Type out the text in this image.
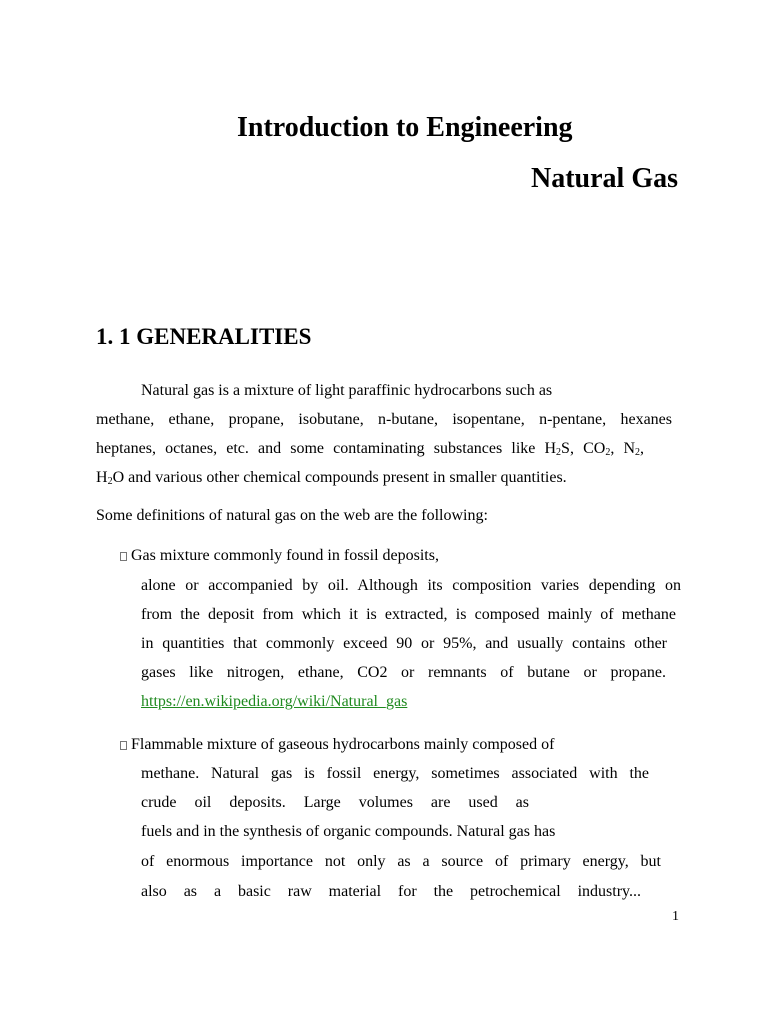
Introduction to Engineering
Natural Gas
1. 1 GENERALITIES
Natural gas is a mixture of light paraffinic hydrocarbons such as
methane, ethane, propane, isobutane, n-butane, isopentane, n-pentane, hexanes
heptanes, octanes, etc. and some contaminating substances like $H_2S$, $CO_2$, $N_2$,
$H_2O$ and various other chemical compounds present in smaller quantities.
Some definitions of natural gas on the web are the following:
Gas mixture commonly found in fossil deposits,
alone or accompanied by oil. Although its composition varies depending on
from the deposit from which it is extracted, is composed mainly of methane
in quantities that commonly exceed 90 or 95%, and usually contains other
gases like nitrogen, ethane, CO2 or remnants of butane or propane.
https://en.wikipedia.org/wiki/Natural_gas
Flammable mixture of gaseous hydrocarbons mainly composed of
methane. Natural gas is fossil energy, sometimes associated with the
crude oil deposits. Large volumes are used as
fuels and in the synthesis of organic compounds. Natural gas has
of enormous importance not only as a source of primary energy, but
also as a basic raw material for the petrochemical industry...
1
